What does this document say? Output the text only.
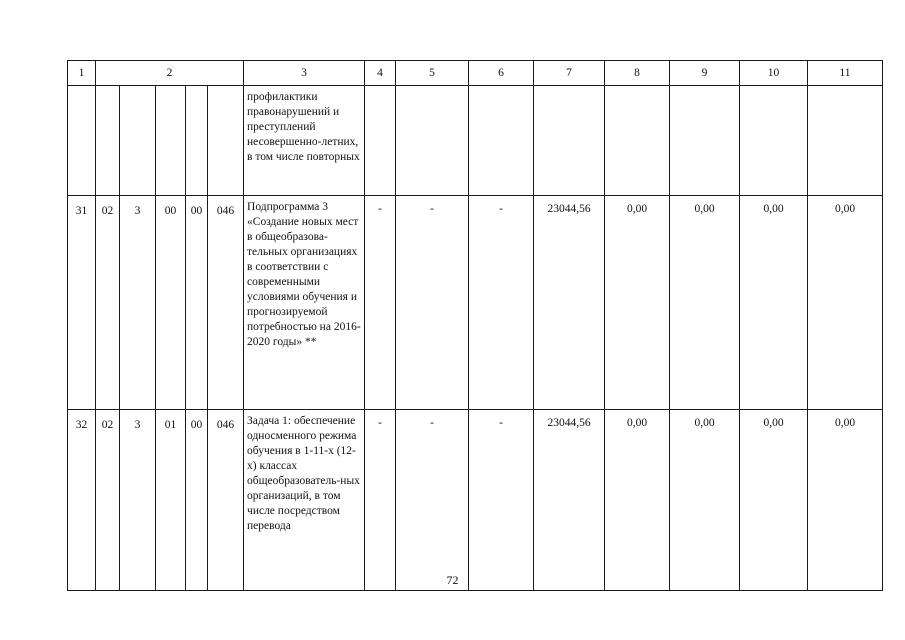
1	2					3	4	5	6	7	8	9	10	11
						профилактики правонарушений и преступлений несовершенно-летних, в том числе повторных								
31	02	3	00	00	046	Подпрограмма 3 «Создание новых мест в общеобразова-тельных организациях в соответствии с современными условиями обучения и прогнозируемой потребностью на 2016-2020 годы» **	-	-	-	23044,56	0,00	0,00	0,00	0,00
32	02	3	01	00	046	Задача 1: обеспечение односменного режима обучения в 1-11-х (12-х) классах общеобразователь-ных организаций, в том числе посредством перевода	-	-	-	23044,56	0,00	0,00	0,00	0,00
72
